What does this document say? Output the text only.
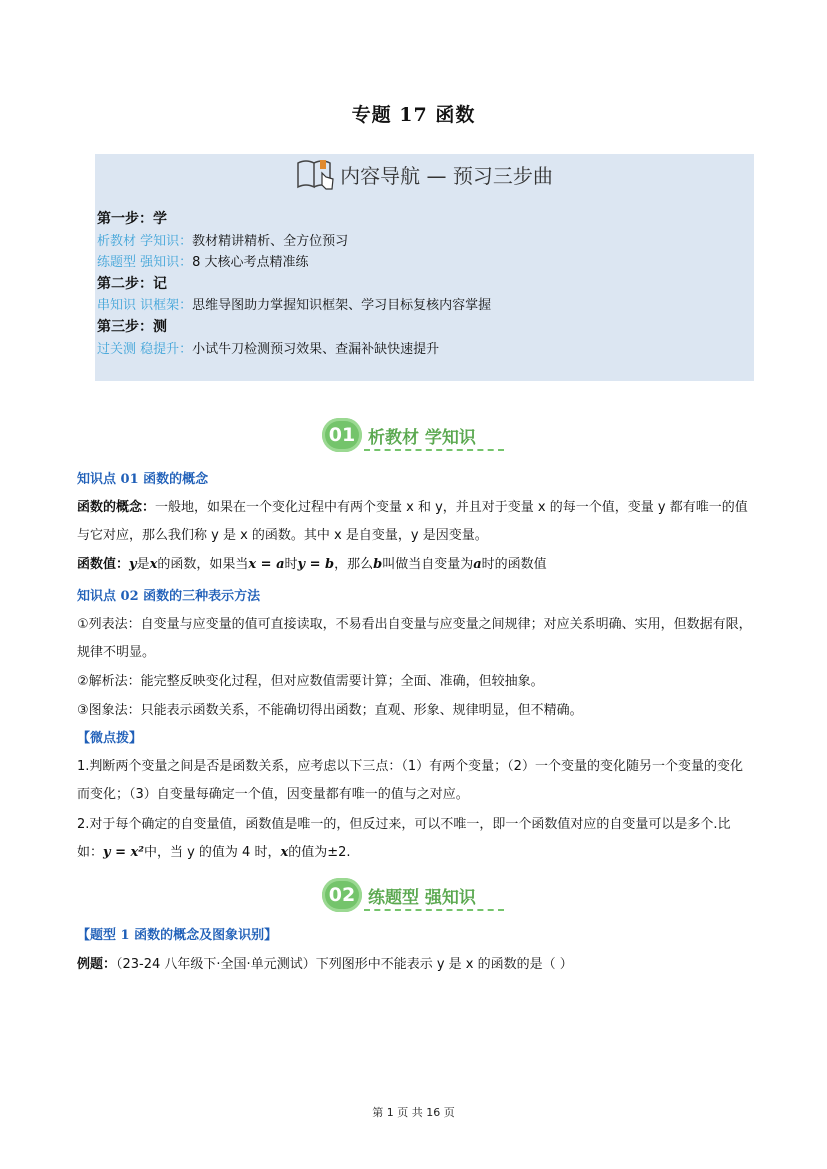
专题 17 函数
内容导航 — 预习三步曲
第一步：学
析教材 学知识：教材精讲精析、全方位预习
练题型 强知识：8 大核心考点精准练
第二步：记
串知识 识框架：思维导图助力掌握知识框架、学习目标复核内容掌握
第三步：测
过关测 稳提升：小试牛刀检测预习效果、查漏补缺快速提升
01 析教材 学知识
知识点 01 函数的概念
函数的概念：一般地，如果在一个变化过程中有两个变量 x 和 y，并且对于变量 x 的每一个值，变量 y 都有唯一的值与它对应，那么我们称 y 是 x 的函数。其中 x 是自变量，y 是因变量。
函数值：y是x的函数，如果当x = a时y = b，那么b叫做当自变量为a时的函数值
知识点 02 函数的三种表示方法
①列表法：自变量与应变量的值可直接读取，不易看出自变量与应变量之间规律；对应关系明确、实用，但数据有限，规律不明显。
②解析法：能完整反映变化过程，但对应数值需要计算；全面、准确，但较抽象。
③图象法：只能表示函数关系，不能确切得出函数；直观、形象、规律明显，但不精确。
【微点拨】
1.判断两个变量之间是否是函数关系，应考虑以下三点：（1）有两个变量；（2）一个变量的变化随另一个变量的变化而变化；（3）自变量每确定一个值，因变量都有唯一的值与之对应。
2.对于每个确定的自变量值，函数值是唯一的，但反过来，可以不唯一，即一个函数值对应的自变量可以是多个.比如：y = x²中，当 y 的值为 4 时，x的值为±2.
02 练题型 强知识
【题型 1 函数的概念及图象识别】
例题：（23-24 八年级下·全国·单元测试）下列图形中不能表示 y 是 x 的函数的是（ ）
第 1 页 共 16 页
